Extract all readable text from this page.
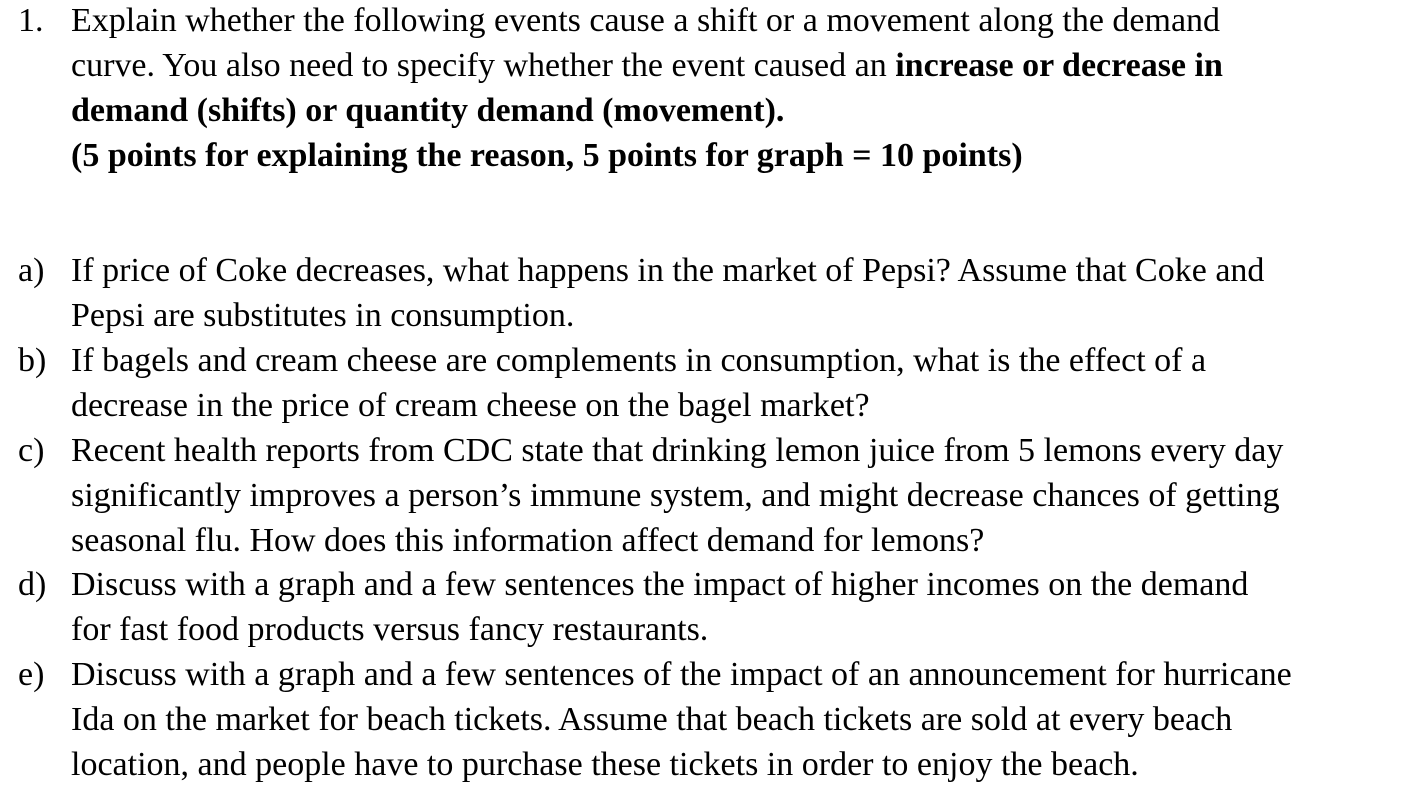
1. Explain whether the following events cause a shift or a movement along the demand
curve. You also need to specify whether the event caused an increase or decrease in
demand (shifts) or quantity demand (movement).
(5 points for explaining the reason, 5 points for graph = 10 points)
a) If price of Coke decreases, what happens in the market of Pepsi? Assume that Coke and
Pepsi are substitutes in consumption.
b) If bagels and cream cheese are complements in consumption, what is the effect of a
decrease in the price of cream cheese on the bagel market?
c) Recent health reports from CDC state that drinking lemon juice from 5 lemons every day
significantly improves a person’s immune system, and might decrease chances of getting
seasonal flu. How does this information affect demand for lemons?
d) Discuss with a graph and a few sentences the impact of higher incomes on the demand
for fast food products versus fancy restaurants.
e) Discuss with a graph and a few sentences of the impact of an announcement for hurricane
Ida on the market for beach tickets. Assume that beach tickets are sold at every beach
location, and people have to purchase these tickets in order to enjoy the beach.
